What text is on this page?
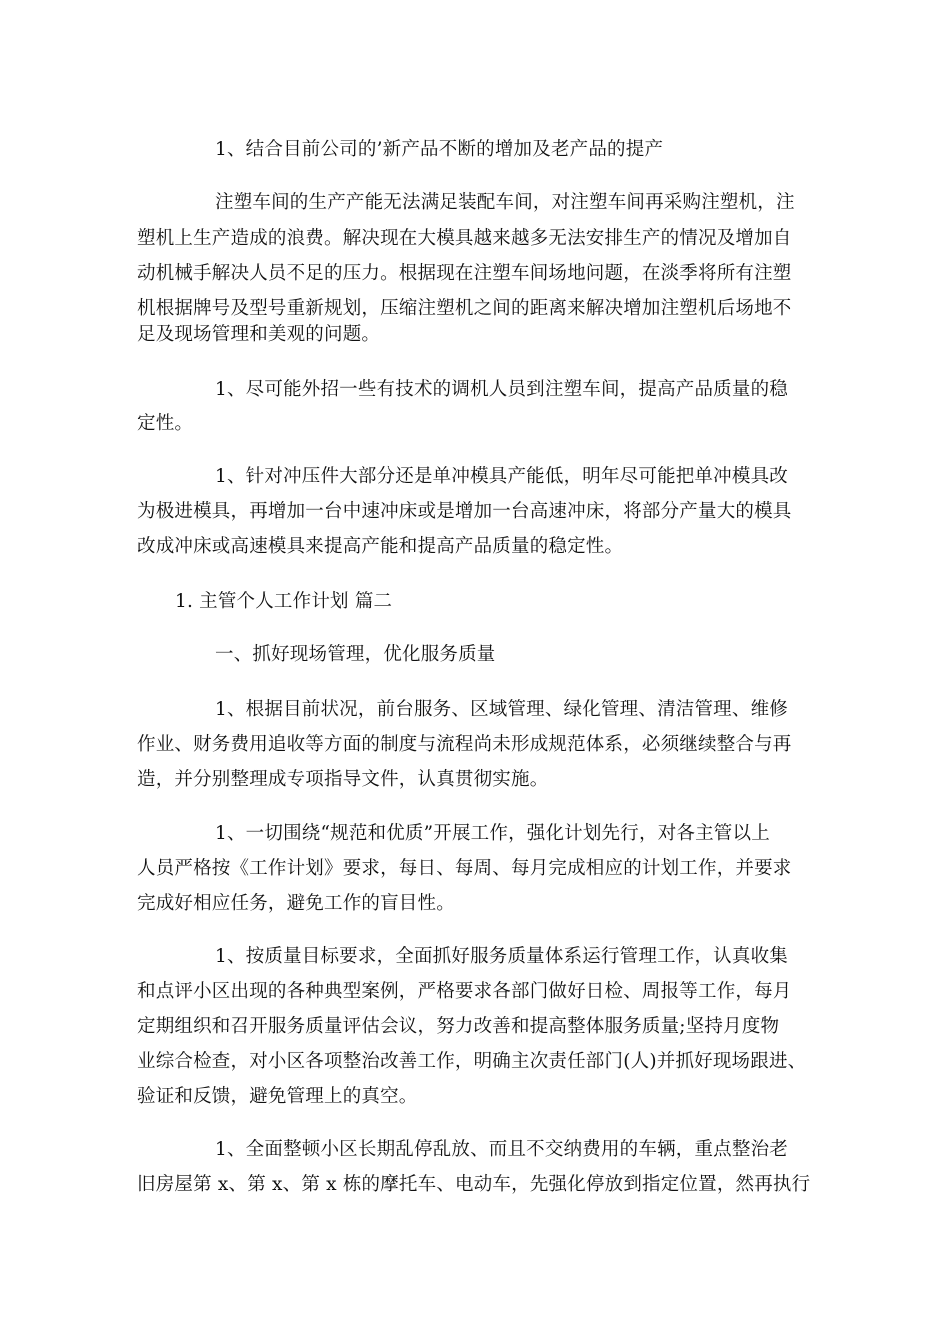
1、结合目前公司的’新产品不断的增加及老产品的提产
注塑车间的生产产能无法满足装配车间，对注塑车间再采购注塑机，注
塑机上生产造成的浪费。解决现在大模具越来越多无法安排生产的情况及增加自
动机械手解决人员不足的压力。根据现在注塑车间场地问题，在淡季将所有注塑
机根据牌号及型号重新规划，压缩注塑机之间的距离来解决增加注塑机后场地不
足及现场管理和美观的问题。
1、尽可能外招一些有技术的调机人员到注塑车间，提高产品质量的稳
定性。
1、针对冲压件大部分还是单冲模具产能低，明年尽可能把单冲模具改
为极进模具，再增加一台中速冲床或是增加一台高速冲床，将部分产量大的模具
改成冲床或高速模具来提高产能和提高产品质量的稳定性。
1. 主管个人工作计划 篇二
一、抓好现场管理，优化服务质量
1、根据目前状况，前台服务、区域管理、绿化管理、清洁管理、维修
作业、财务费用追收等方面的制度与流程尚未形成规范体系，必须继续整合与再
造，并分别整理成专项指导文件，认真贯彻实施。
1、一切围绕“规范和优质”开展工作，强化计划先行，对各主管以上
人员严格按《工作计划》要求，每日、每周、每月完成相应的计划工作，并要求
完成好相应任务，避免工作的盲目性。
1、按质量目标要求，全面抓好服务质量体系运行管理工作，认真收集
和点评小区出现的各种典型案例，严格要求各部门做好日检、周报等工作，每月
定期组织和召开服务质量评估会议，努力改善和提高整体服务质量;坚持月度物
业综合检查，对小区各项整治改善工作，明确主次责任部门(人)并抓好现场跟进、
验证和反馈，避免管理上的真空。
1、全面整顿小区长期乱停乱放、而且不交纳费用的车辆，重点整治老
旧房屋第 x、第 x、第 x 栋的摩托车、电动车，先强化停放到指定位置，然再执行
